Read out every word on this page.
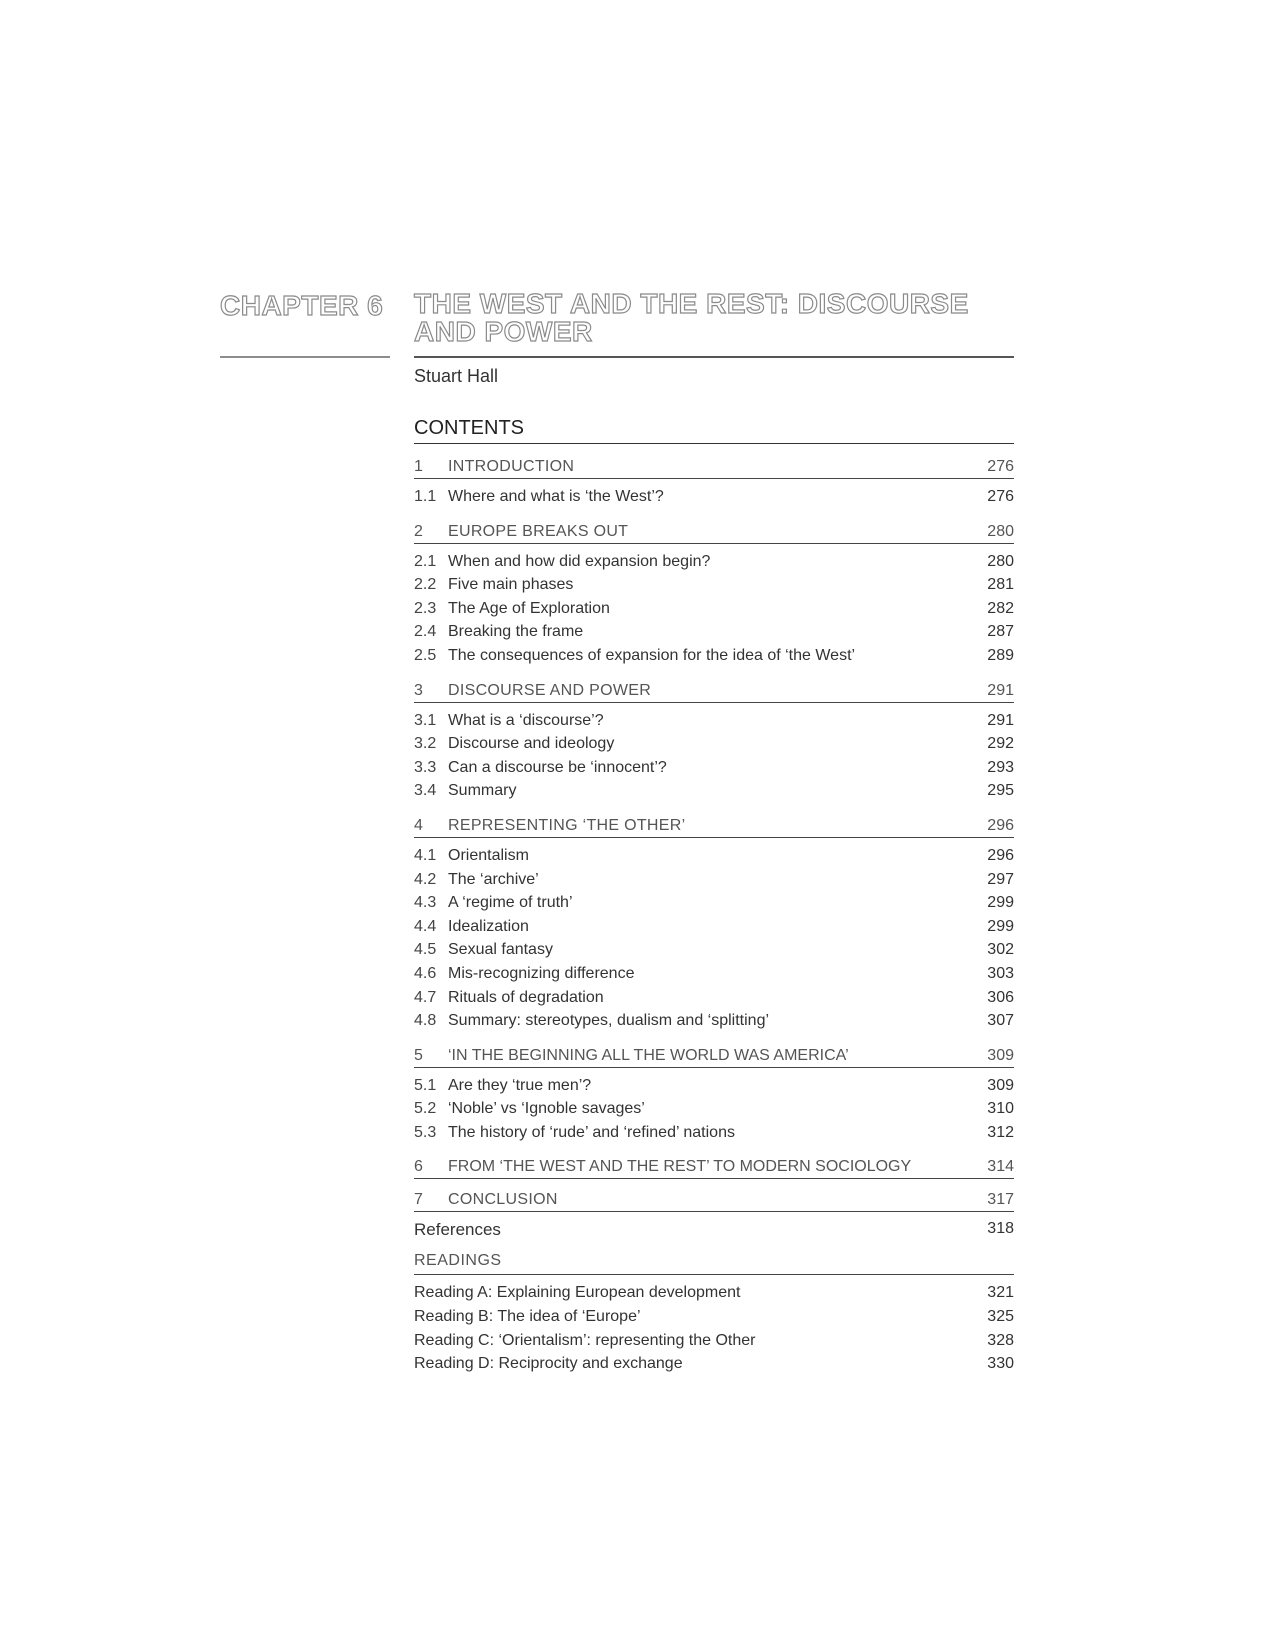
CHAPTER 6 THE WEST AND THE REST: DISCOURSE
AND POWER
Stuart Hall
CONTENTS
1 INTRODUCTION	276
1.1 Where and what is ‘the West’?	276
2 EUROPE BREAKS OUT	280
2.1 When and how did expansion begin?	280
2.2 Five main phases	281
2.3 The Age of Exploration	282
2.4 Breaking the frame	287
2.5 The consequences of expansion for the idea of ‘the West’	289
3 DISCOURSE AND POWER	291
3.1 What is a ‘discourse’?	291
3.2 Discourse and ideology	292
3.3 Can a discourse be ‘innocent’?	293
3.4 Summary	295
4 REPRESENTING ‘THE OTHER’	296
4.1 Orientalism	296
4.2 The ‘archive’	297
4.3 A ‘regime of truth’	299
4.4 Idealization	299
4.5 Sexual fantasy	302
4.6 Mis-recognizing difference	303
4.7 Rituals of degradation	306
4.8 Summary: stereotypes, dualism and ‘splitting’	307
5 ‘IN THE BEGINNING ALL THE WORLD WAS AMERICA’	309
5.1 Are they ‘true men’?	309
5.2 ‘Noble’ vs ‘Ignoble savages’	310
5.3 The history of ‘rude’ and ‘refined’ nations	312
6 FROM ‘THE WEST AND THE REST’ TO MODERN SOCIOLOGY	314
7 CONCLUSION	317
References	318
READINGS
Reading A: Explaining European development	321
Reading B: The idea of ‘Europe’	325
Reading C: ‘Orientalism’: representing the Other	328
Reading D: Reciprocity and exchange	330
